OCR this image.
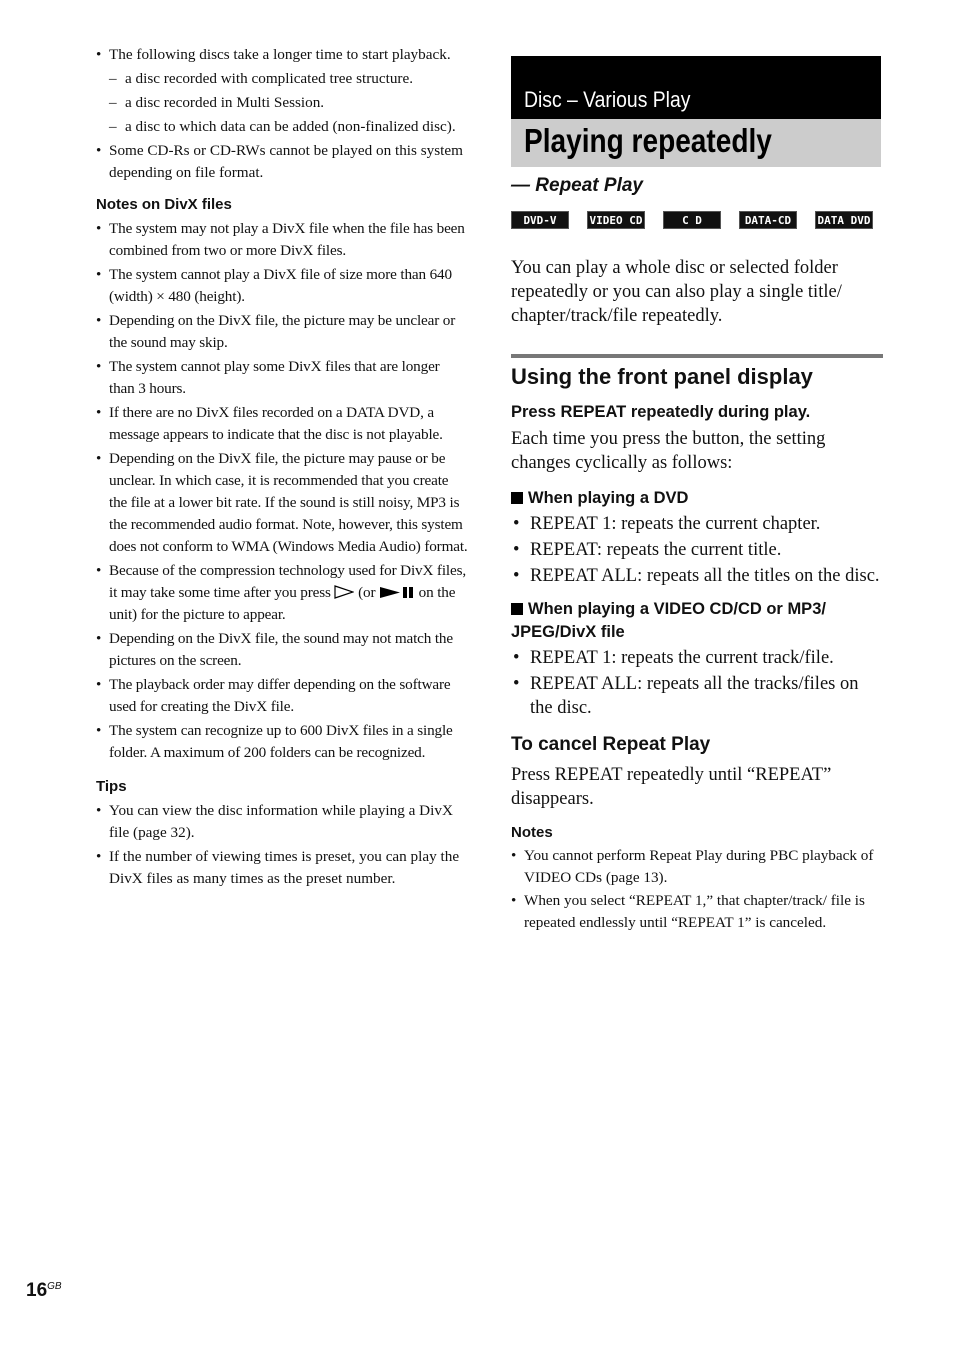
• The following discs take a longer time to start playback.
– a disc recorded with complicated tree structure.
– a disc recorded in Multi Session.
– a disc to which data can be added (non-finalized disc).
• Some CD-Rs or CD-RWs cannot be played on this system depending on file format.
Notes on DivX files
• The system may not play a DivX file when the file has been combined from two or more DivX files.
• The system cannot play a DivX file of size more than 640 (width) × 480 (height).
• Depending on the DivX file, the picture may be unclear or the sound may skip.
• The system cannot play some DivX files that are longer than 3 hours.
• If there are no DivX files recorded on a DATA DVD, a message appears to indicate that the disc is not playable.
• Depending on the DivX file, the picture may pause or be unclear. In which case, it is recommended that you create the file at a lower bit rate. If the sound is still noisy, MP3 is the recommended audio format. Note, however, this system does not conform to WMA (Windows Media Audio) format.
• Because of the compression technology used for DivX files, it may take some time after you press (or	on the unit) for the picture to appear.
• Depending on the DivX file, the sound may not match the pictures on the screen.
• The playback order may differ depending on the software used for creating the DivX file.
• The system can recognize up to 600 DivX files in a single folder. A maximum of 200 folders can be recognized.
Tips
• You can view the disc information while playing a DivX file (page 32).
• If the number of viewing times is preset, you can play the DivX files as many times as the preset number.
Disc – Various Play
Playing repeatedly
— Repeat Play
DVD-V	VIDEO CD	C D	DATA-CD	DATA DVD
You can play a whole disc or selected folder repeatedly or you can also play a single title/ chapter/track/file repeatedly.
Using the front panel display
Press REPEAT repeatedly during play.
Each time you press the button, the setting changes cyclically as follows:
When playing a DVD
• REPEAT 1: repeats the current chapter.
• REPEAT: repeats the current title.
• REPEAT ALL: repeats all the titles on the disc.
When playing a VIDEO CD/CD or MP3/ JPEG/DivX file
• REPEAT 1: repeats the current track/file.
• REPEAT ALL: repeats all the tracks/files on the disc.
To cancel Repeat Play
Press REPEAT repeatedly until “REPEAT” disappears.
Notes
• You cannot perform Repeat Play during PBC playback of VIDEO CDs (page 13).
• When you select “REPEAT 1,” that chapter/track/ file is repeated endlessly until “REPEAT 1” is canceled.
$16^{GB}$
